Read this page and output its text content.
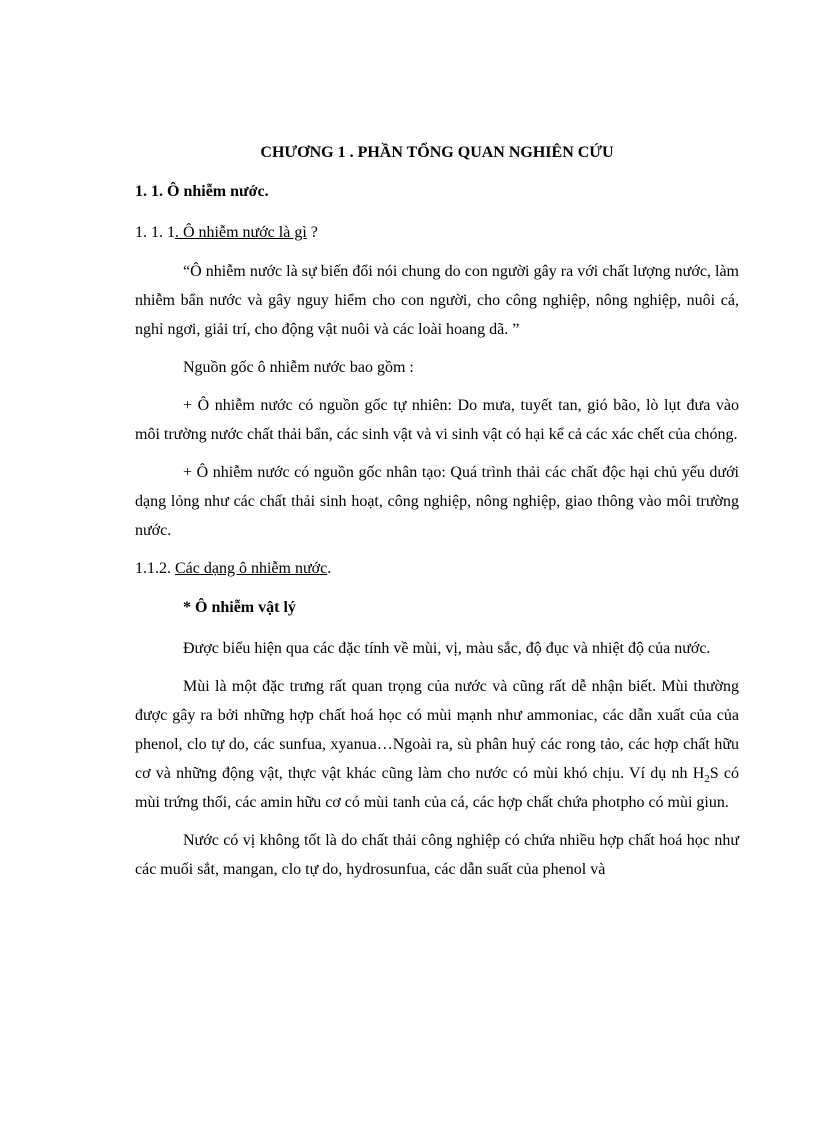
CHƯƠNG 1 . PHẦN TỔNG QUAN NGHIÊN CỨU
1. 1. Ô nhiễm nước.
1. 1. 1. Ô nhiễm nước là gì ?
“Ô nhiễm nước là sự biến đổi nói chung do con người gây ra với chất lượng nước, làm nhiễm bẩn nước và gây nguy hiểm cho con người, cho công nghiệp, nông nghiệp, nuôi cá, nghỉ ngơi, giải trí, cho động vật nuôi và các loài hoang dã. ”
Nguồn gốc ô nhiễm nước bao gồm :
+ Ô nhiễm nước có nguồn gốc tự nhiên: Do mưa, tuyết tan, gió bão, lò lụt đưa vào môi trường nước chất thải bẩn, các sinh vật và vi sinh vật có hại kể cả các xác chết của chóng.
+ Ô nhiễm nước có nguồn gốc nhân tạo: Quá trình thải các chất độc hại chủ yếu dưới dạng lỏng như các chất thải sinh hoạt, công nghiệp, nông nghiệp, giao thông vào môi trường nước.
1.1.2. Các dạng ô nhiễm nước.
* Ô nhiễm vật lý
Được biểu hiện qua các đặc tính về mùi, vị, màu sắc, độ đục và nhiệt độ của nước.
Mùi là một đặc trưng rất quan trọng của nước và cũng rất dễ nhận biết. Mùi thường được gây ra bởi những hợp chất hoá học có mùi mạnh như ammoniac, các dẫn xuất của của phenol, clo tự do, các sunfua, xyanua…Ngoài ra, sù phân huỷ các rong tảo, các hợp chất hữu cơ và những động vật, thực vật khác cũng làm cho nước có mùi khó chịu. Ví dụ nh $H_2S$ có mùi trứng thối, các amin hữu cơ có mùi tanh của cá, các hợp chất chứa photpho có mùi giun.
Nước có vị không tốt là do chất thải công nghiệp có chứa nhiều hợp chất hoá học như các muối sắt, mangan, clo tự do, hydrosunfua, các dẫn suất của phenol và
